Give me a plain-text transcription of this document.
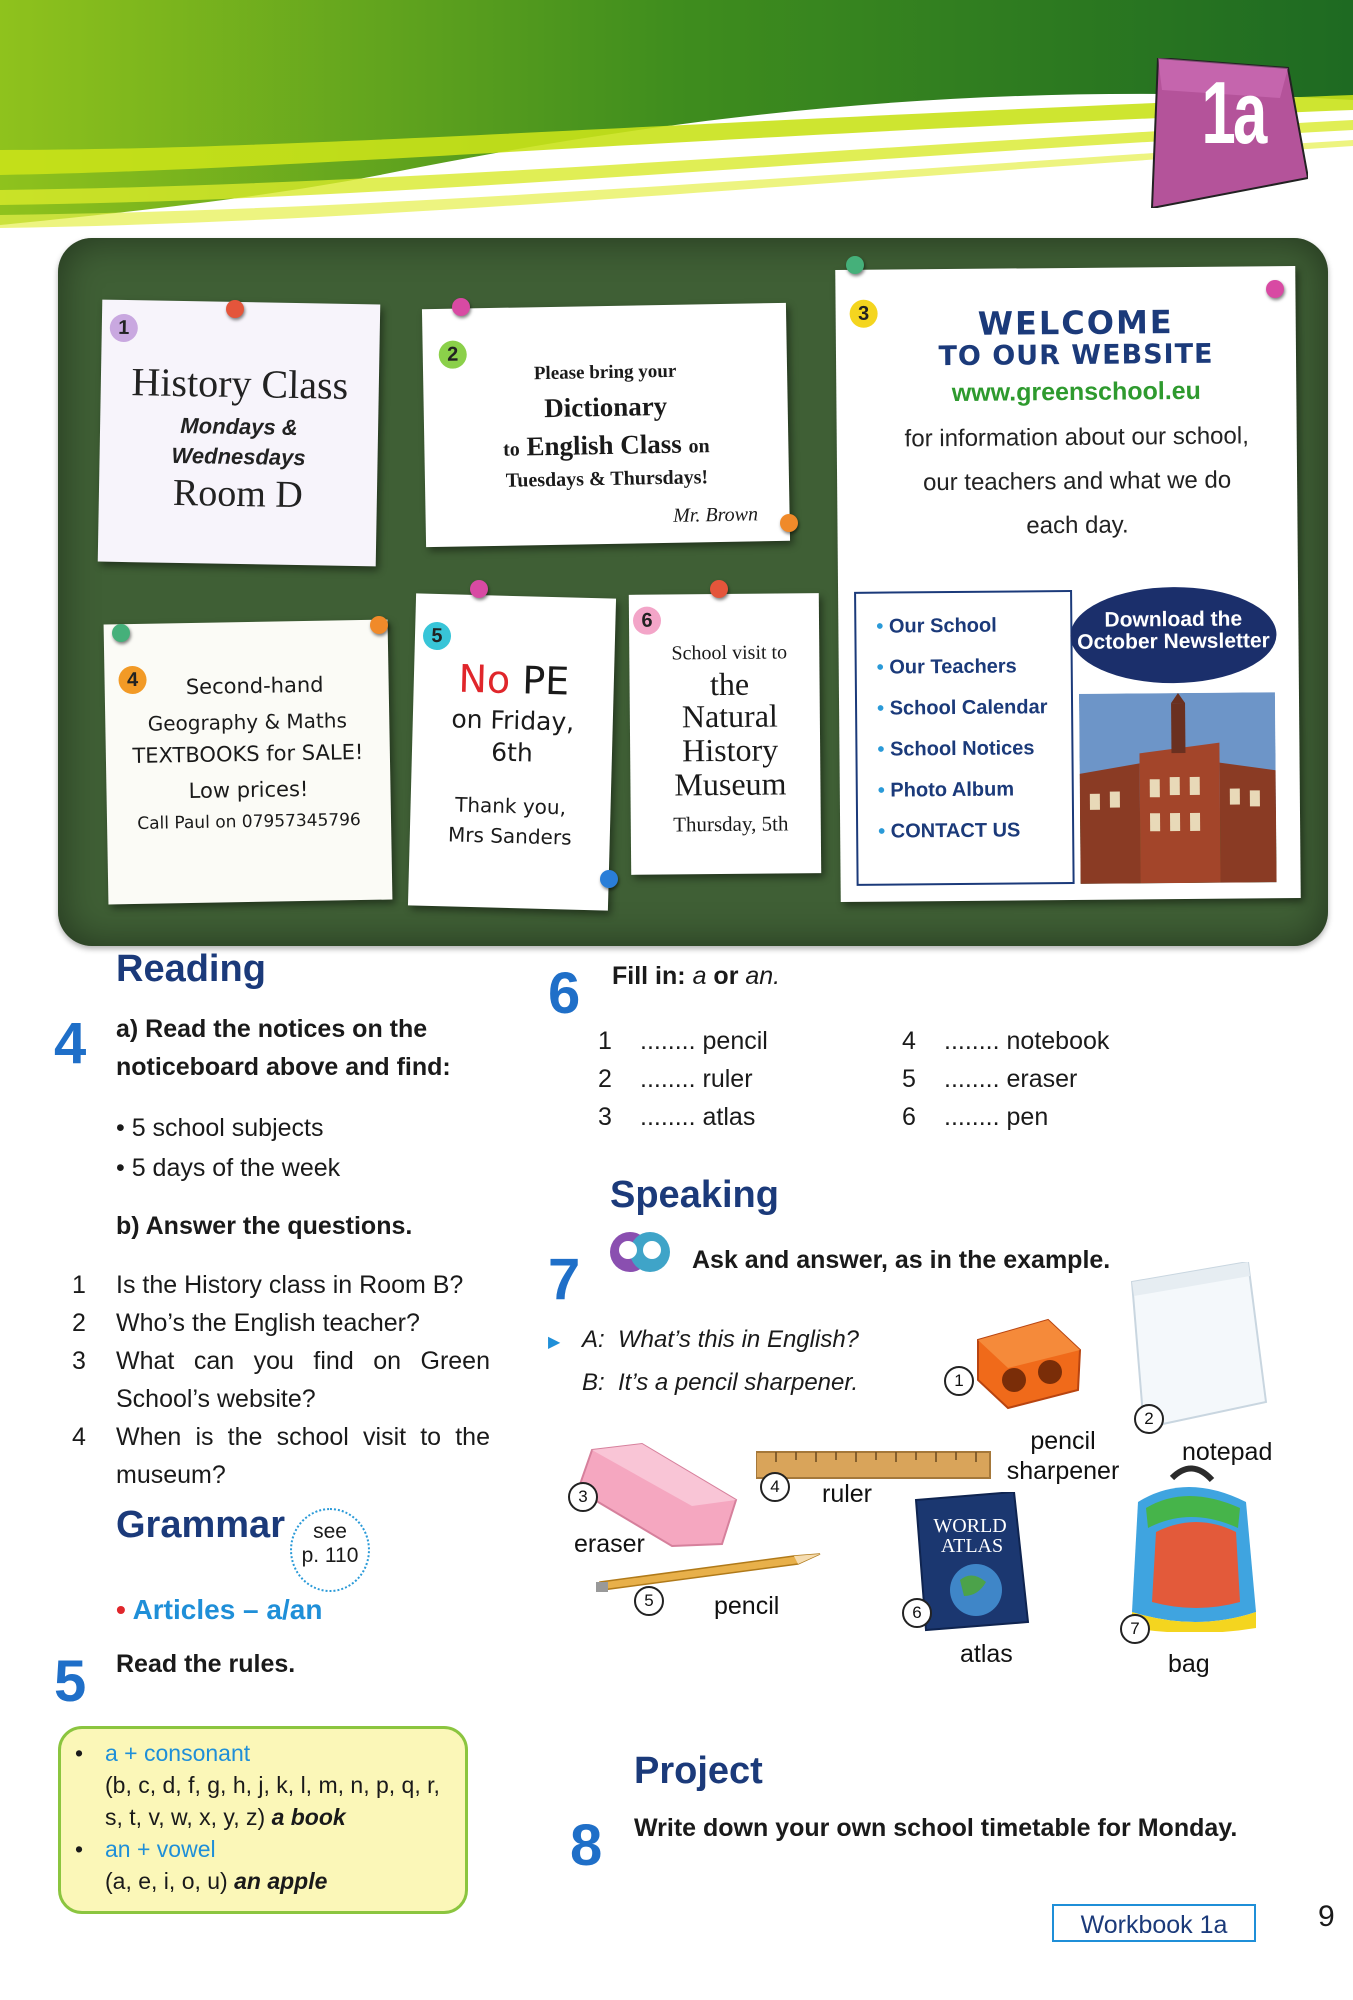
1a
1
History Class
Mondays &
Wednesdays
Room D
2
Please bring your
Dictionary
to English Class on
Tuesdays & Thursdays!
Mr. Brown
3	WELCOME
TO OUR WEBSITE
www.greenschool.eu
for information about our school, our teachers and what we do each day.
• Our School
• Our Teachers
• School Calendar
• School Notices
• Photo Album
• CONTACT US
Download the October Newsletter
4	Second-hand
Geography & Maths
TEXTBOOKS for SALE!
Low prices!
Call Paul on 07957345796
5
No PE
on Friday,
6th
Thank you,
Mrs Sanders
6
School visit to
the
Natural
History
Museum
Thursday, 5th
Reading
4 a) Read the notices on the noticeboard above and find:
• 5 school subjects
• 5 days of the week
b) Answer the questions.
1	Is the History class in Room B?
2	Who’s the English teacher?
3	What can you find on Green School’s website?
4	When is the school visit to the museum?
Grammar	see
p. 110
• Articles – a/an
5 Read the rules.
• a + consonant
(b, c, d, f, g, h, j, k, l, m, n, p, q, r, s, t, v, w, x, y, z) a book
• an + vowel
(a, e, i, o, u) an apple
6 Fill in: a or an.
1 ........ pencil
2 ........ ruler
3 ........ atlas
4 ........ notebook
5 ........ eraser
6 ........ pen
Speaking
7	Ask and answer, as in the example.
▶ A: What’s this in English?
B: It’s a pencil sharpener.
WORLD
ATLAS
1
pencil sharpener
2
notepad
3
eraser
4	ruler
5	pencil	6
atlas
7
bag
Project
8 Write down your own school timetable for Monday.
Workbook 1a	9
